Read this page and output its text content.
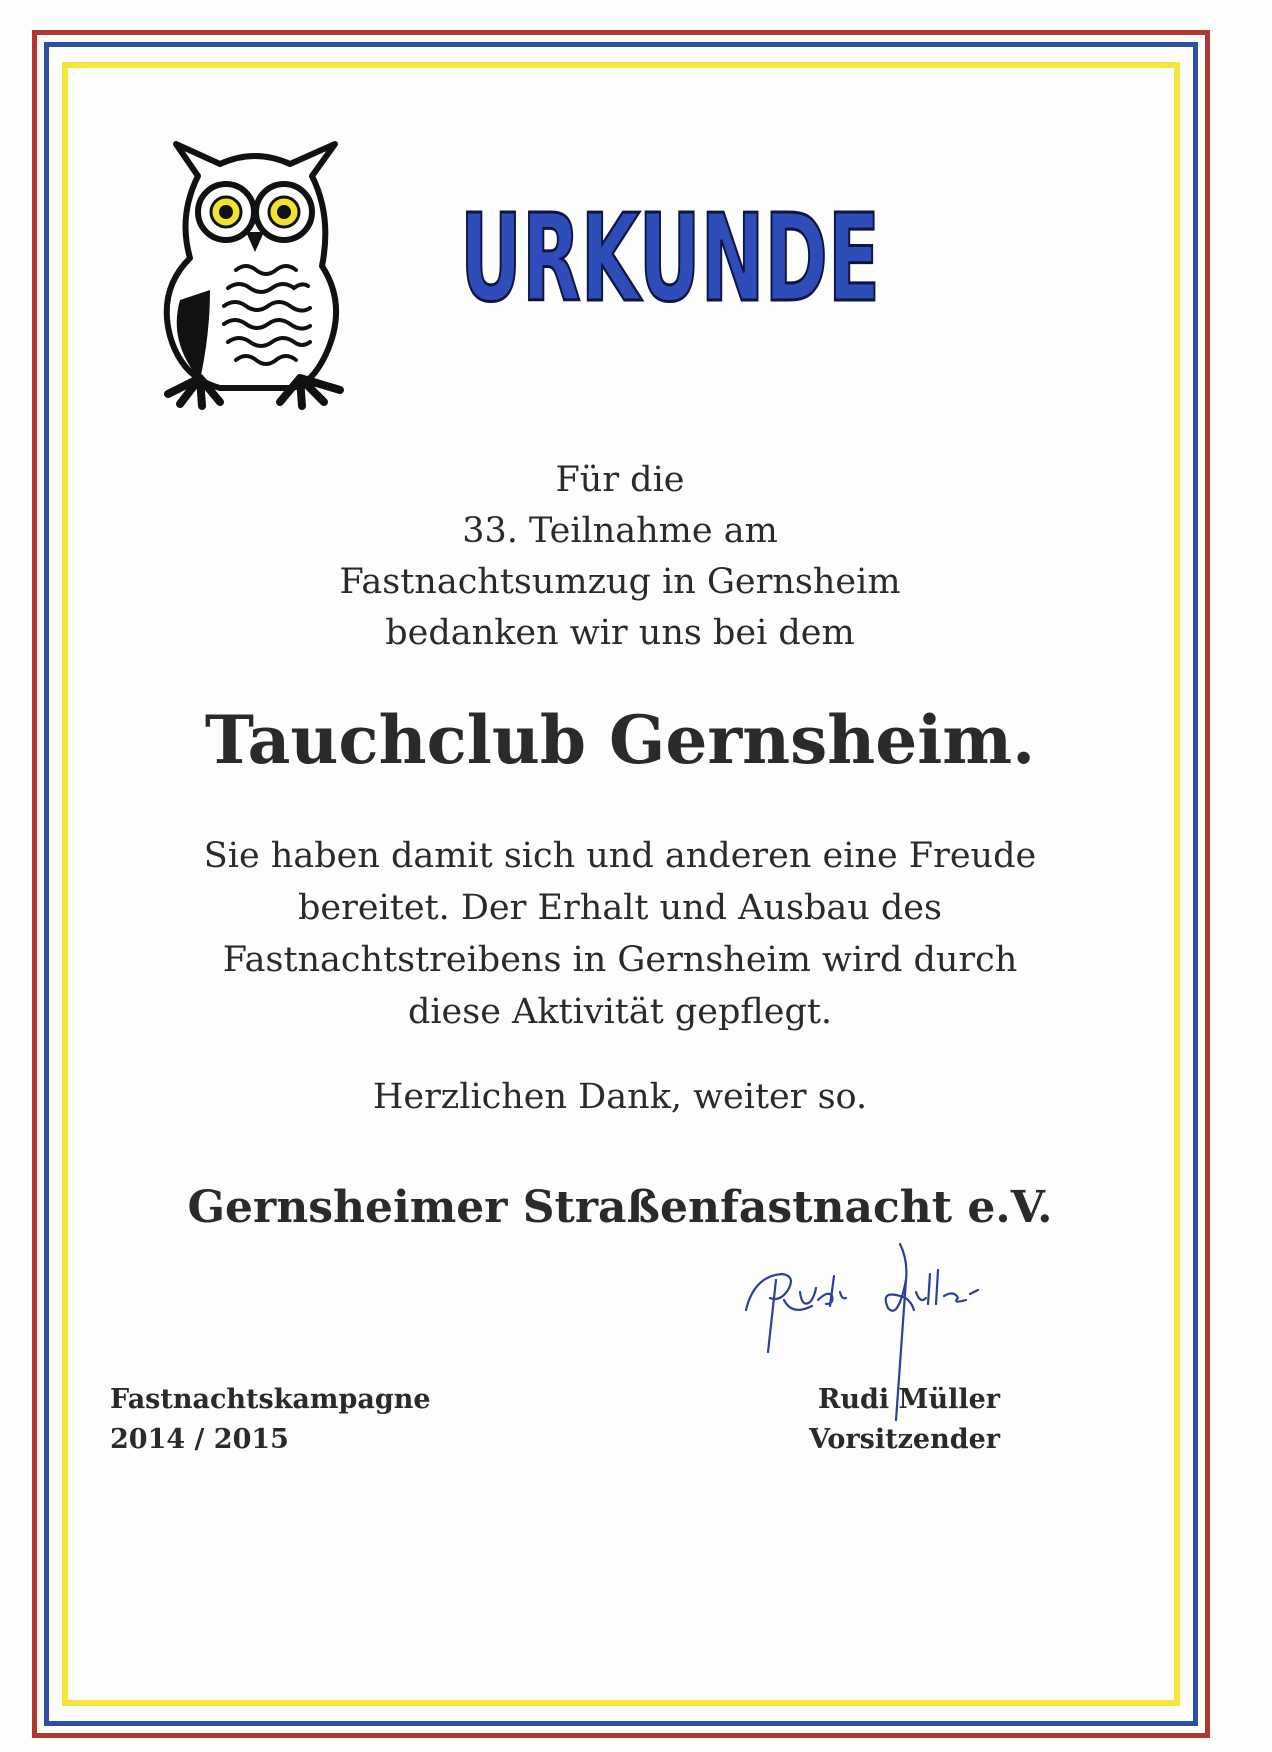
URKUNDE
Für die
33. Teilnahme am
Fastnachtsumzug in Gernsheim
bedanken wir uns bei dem
Tauchclub Gernsheim.
Sie haben damit sich und anderen eine Freude
bereitet. Der Erhalt und Ausbau des
Fastnachtstreibens in Gernsheim wird durch
diese Aktivität gepflegt.
Herzlichen Dank, weiter so.
Gernsheimer Straßenfastnacht e.V.
Fastnachtskampagne
2014 / 2015
Rudi Müller
Vorsitzender
